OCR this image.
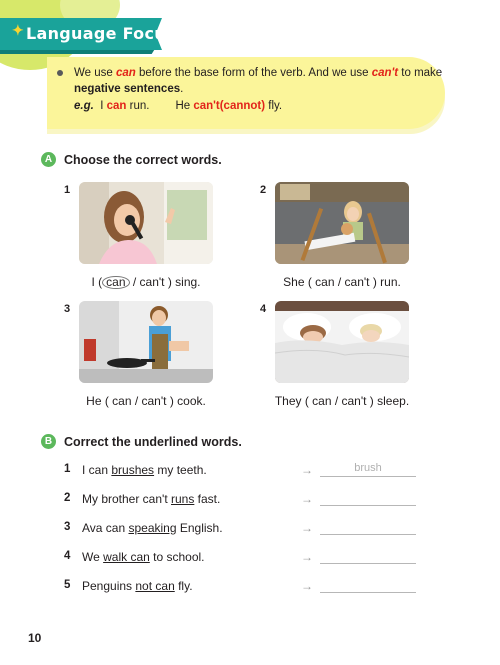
✦ Language Focus
We use can before the base form of the verb. And we use can't to make
negative sentences.
e.g. I can run. He can't(cannot) fly.
A Choose the correct words.
1
I ( can / can't ) sing.
2
She ( can / can't ) run.
3
He ( can / can't ) cook.
4
They ( can / can't ) sleep.
B Correct the underlined words.
1 I can brushes my teeth.	→	brush
2 My brother can't runs fast.	→
3 Ava can speaking English.	→
4 We walk can to school.	→
5 Penguins not can fly.	→
10
